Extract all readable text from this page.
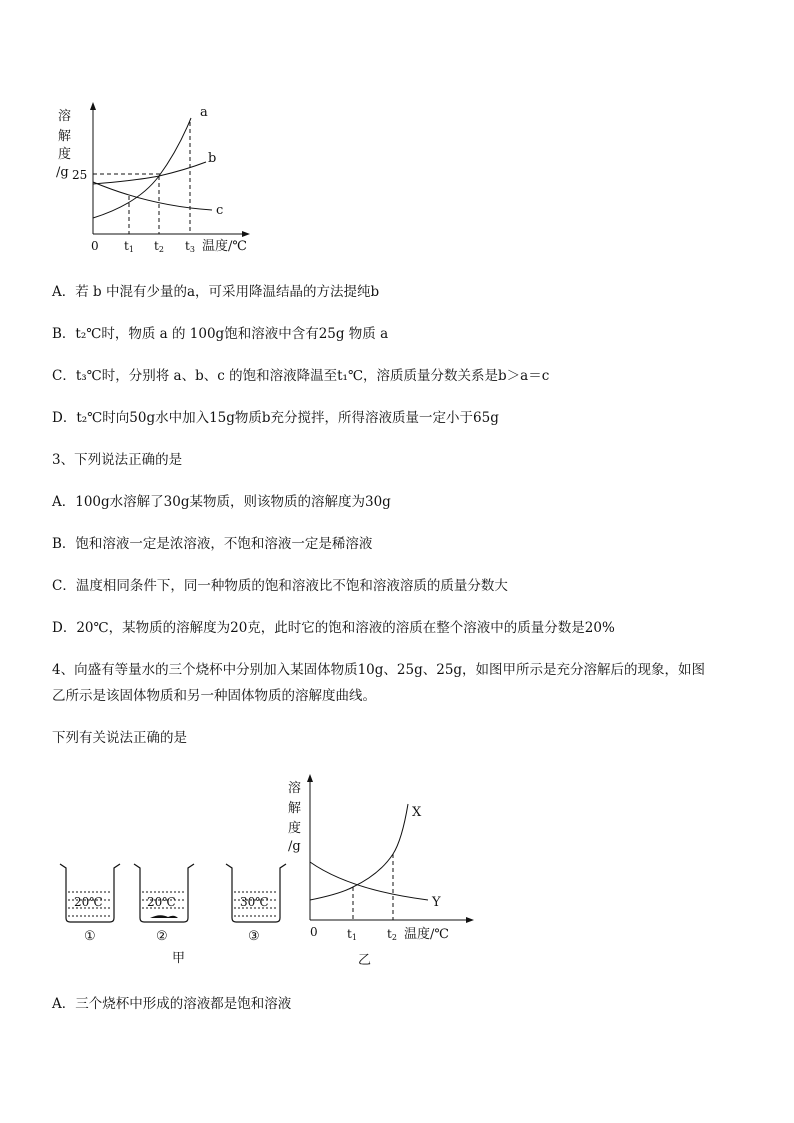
溶
解
度
/g 25
a
b
c
0 t1 t2 t3 温度/℃
A．若 b 中混有少量的a，可采用降温结晶的方法提纯b
B．t₂℃时，物质 a 的 100g饱和溶液中含有25g 物质 a
C．t₃℃时，分别将 a、b、c 的饱和溶液降温至t₁℃，溶质质量分数关系是b＞a＝c
D．t₂℃时向50g水中加入15g物质b充分搅拌，所得溶液质量一定小于65g
3、下列说法正确的是
A．100g水溶解了30g某物质，则该物质的溶解度为30g
B．饱和溶液一定是浓溶液，不饱和溶液一定是稀溶液
C．温度相同条件下，同一种物质的饱和溶液比不饱和溶液溶质的质量分数大
D．20℃，某物质的溶解度为20克，此时它的饱和溶液的溶质在整个溶液中的质量分数是20%
4、向盛有等量水的三个烧杯中分别加入某固体物质10g、25g、25g，如图甲所示是充分溶解后的现象，如图
乙所示是该固体物质和另一种固体物质的溶解度曲线。
下列有关说法正确的是
20℃
①
20℃
②
30℃
③
甲
溶
解
度
/g
X
Y
0 t1	t2 温度/℃
乙
A．三个烧杯中形成的溶液都是饱和溶液
